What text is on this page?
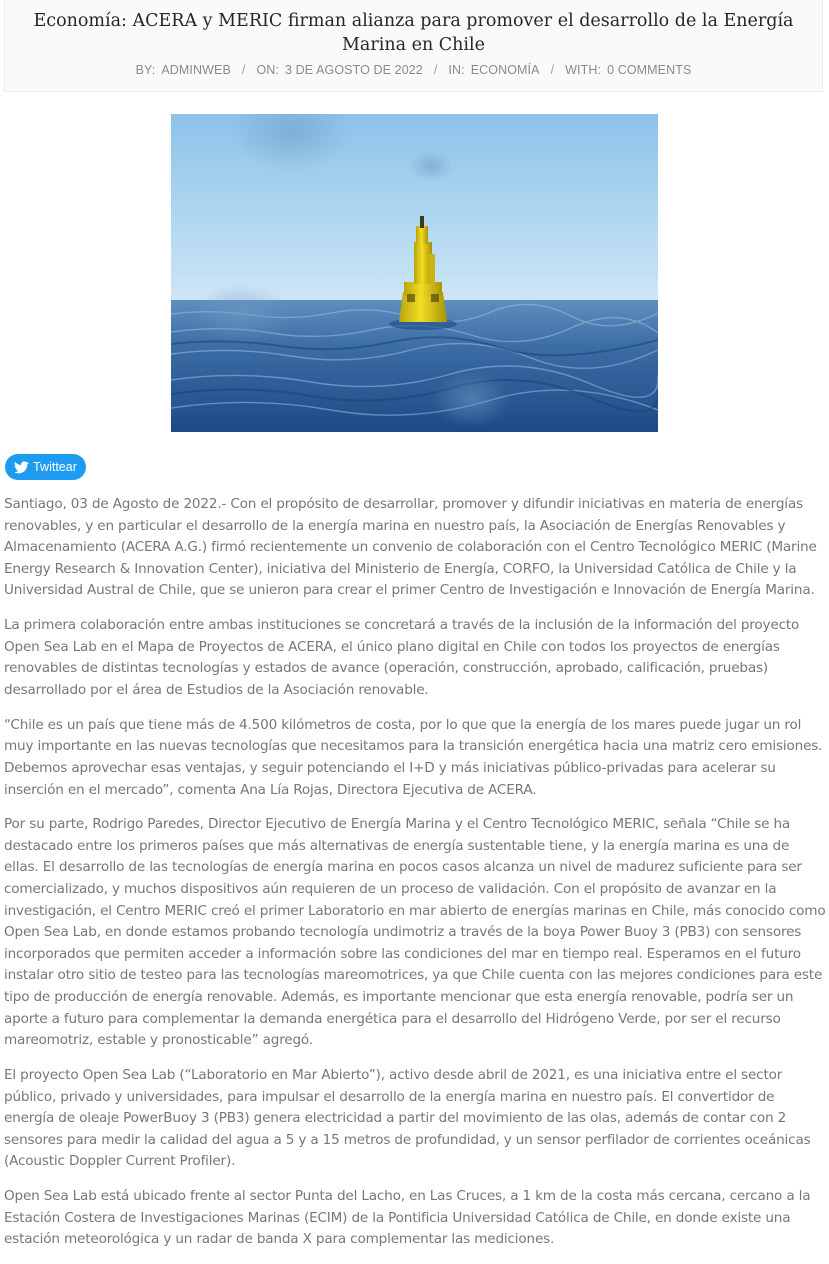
Economía: ACERA y MERIC firman alianza para promover el desarrollo de la Energía Marina en Chile
BY: ADMINWEB / ON: 3 DE AGOSTO DE 2022 / IN: ECONOMÍA / WITH: 0 COMMENTS
Twittear

Santiago, 03 de Agosto de 2022.- Con el propósito de desarrollar, promover y difundir iniciativas en materia de energías renovables, y en particular el desarrollo de la energía marina en nuestro país, la Asociación de Energías Renovables y Almacenamiento (ACERA A.G.) firmó recientemente un convenio de colaboración con el Centro Tecnológico MERIC (Marine Energy Research & Innovation Center), iniciativa del Ministerio de Energía, CORFO, la Universidad Católica de Chile y la Universidad Austral de Chile, que se unieron para crear el primer Centro de Investigación e Innovación de Energía Marina.

La primera colaboración entre ambas instituciones se concretará a través de la inclusión de la información del proyecto Open Sea Lab en el Mapa de Proyectos de ACERA, el único plano digital en Chile con todos los proyectos de energías renovables de distintas tecnologías y estados de avance (operación, construcción, aprobado, calificación, pruebas) desarrollado por el área de Estudios de la Asociación renovable.

“Chile es un país que tiene más de 4.500 kilómetros de costa, por lo que que la energía de los mares puede jugar un rol muy importante en las nuevas tecnologías que necesitamos para la transición energética hacia una matriz cero emisiones. Debemos aprovechar esas ventajas, y seguir potenciando el I+D y más iniciativas público-privadas para acelerar su inserción en el mercado”, comenta Ana Lía Rojas, Directora Ejecutiva de ACERA.

Por su parte, Rodrigo Paredes, Director Ejecutivo de Energía Marina y el Centro Tecnológico MERIC, señala “Chile se ha destacado entre los primeros países que más alternativas de energía sustentable tiene, y la energía marina es una de ellas. El desarrollo de las tecnologías de energía marina en pocos casos alcanza un nivel de madurez suficiente para ser comercializado, y muchos dispositivos aún requieren de un proceso de validación. Con el propósito de avanzar en la investigación, el Centro MERIC creó el primer Laboratorio en mar abierto de energías marinas en Chile, más conocido como Open Sea Lab, en donde estamos probando tecnología undimotriz a través de la boya Power Buoy 3 (PB3) con sensores incorporados que permiten acceder a información sobre las condiciones del mar en tiempo real. Esperamos en el futuro instalar otro sitio de testeo para las tecnologías mareomotrices, ya que Chile cuenta con las mejores condiciones para este tipo de producción de energía renovable. Además, es importante mencionar que esta energía renovable, podría ser un aporte a futuro para complementar la demanda energética para el desarrollo del Hidrógeno Verde, por ser el recurso mareomotriz, estable y pronosticable” agregó.

El proyecto Open Sea Lab (“Laboratorio en Mar Abierto”), activo desde abril de 2021, es una iniciativa entre el sector público, privado y universidades, para impulsar el desarrollo de la energía marina en nuestro país. El convertidor de energía de oleaje PowerBuoy 3 (PB3) genera electricidad a partir del movimiento de las olas, además de contar con 2 sensores para medir la calidad del agua a 5 y a 15 metros de profundidad, y un sensor perfilador de corrientes oceánicas (Acoustic Doppler Current Profiler).

Open Sea Lab está ubicado frente al sector Punta del Lacho, en Las Cruces, a 1 km de la costa más cercana, cercano a la Estación Costera de Investigaciones Marinas (ECIM) de la Pontificia Universidad Católica de Chile, en donde existe una estación meteorológica y un radar de banda X para complementar las mediciones.
